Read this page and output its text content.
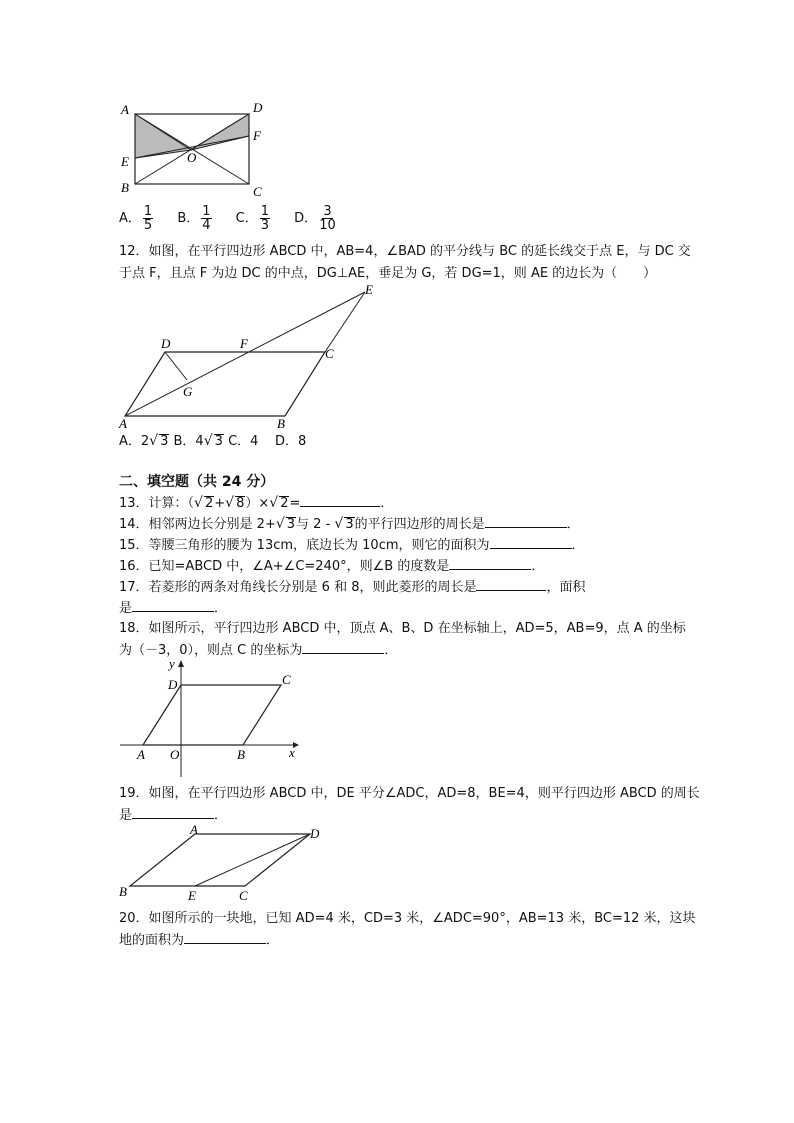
A	D
F
E	O
B	C
A． $\frac{1}{5}$ B． $\frac{1}{4}$ C． $\frac{1}{3}$ D． $\frac{3}{10}$
12．如图，在平行四边形 ABCD 中，AB=4，∠BAD 的平分线与 BC 的延长线交于点 E，与 DC 交
于点 F，且点 F 为边 DC 的中点，DG⊥AE，垂足为 G，若 DG=1，则 AE 的边长为（　　）
E
D	F
C
G
A	B
A．2√ 3 B．4√ 3 C．4 D．8
二、填空题（共 24 分）
13．计算：（√ 2+√ 8）×√ 2=	．
14．相邻两边长分别是 2+√ 3与 2 - √ 3的平行四边形的周长是	．
15．等腰三角形的腰为 13cm，底边长为 10cm，则它的面积为	．
16．已知=ABCD 中，∠A+∠C=240°，则∠B 的度数是	．
17．若菱形的两条对角线长分别是 6 和 8，则此菱形的周长是	，面积
是	．
18．如图所示，平行四边形 ABCD 中，顶点 A、B、D 在坐标轴上，AD=5，AB=9，点 A 的坐标
为（－3，0），则点 C 的坐标为	．
y
D	C
A O	B	x
19．如图，在平行四边形 ABCD 中，DE 平分∠ADC，AD=8，BE=4，则平行四边形 ABCD 的周长
是	．
A	D
B	E	C
20．如图所示的一块地，已知 AD=4 米，CD=3 米，∠ADC=90°，AB=13 米，BC=12 米，这块
地的面积为	．
